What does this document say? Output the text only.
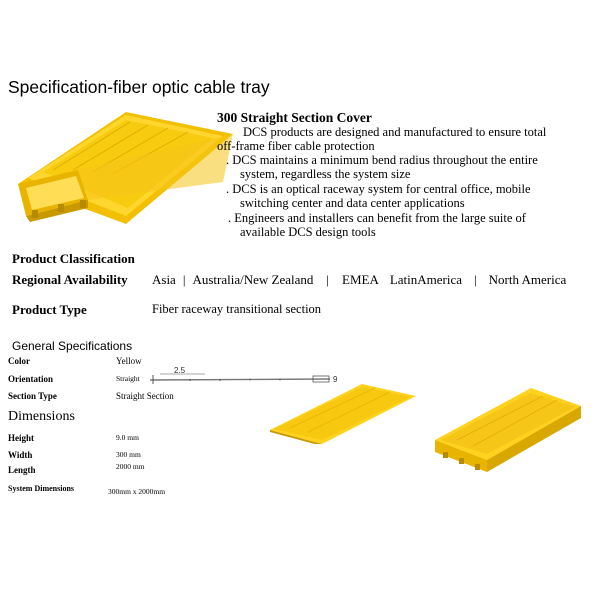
Specification-fiber optic cable tray
300 Straight Section Cover
DCS products are designed and manufactured to ensure total
off-frame fiber cable protection
. DCS maintains a minimum bend radius throughout the entire
system, regardless the system size
. DCS is an optical raceway system for central office, mobile
switching center and data center applications
. Engineers and installers can benefit from the large suite of
available DCS design tools
Product Classification
Regional Availability Asia | Australia/New Zealand | EMEA LatinAmerica | North America
Product Type	Fiber raceway transitional section
General Specifications
Color	Yellow
Orientation	Straight
Section Type	Straight Section
2.5
9
Dimensions
Height	9.0 mm
Width	300 mm
Length	2000 mm
System Dimensions	300mm x 2000mm
